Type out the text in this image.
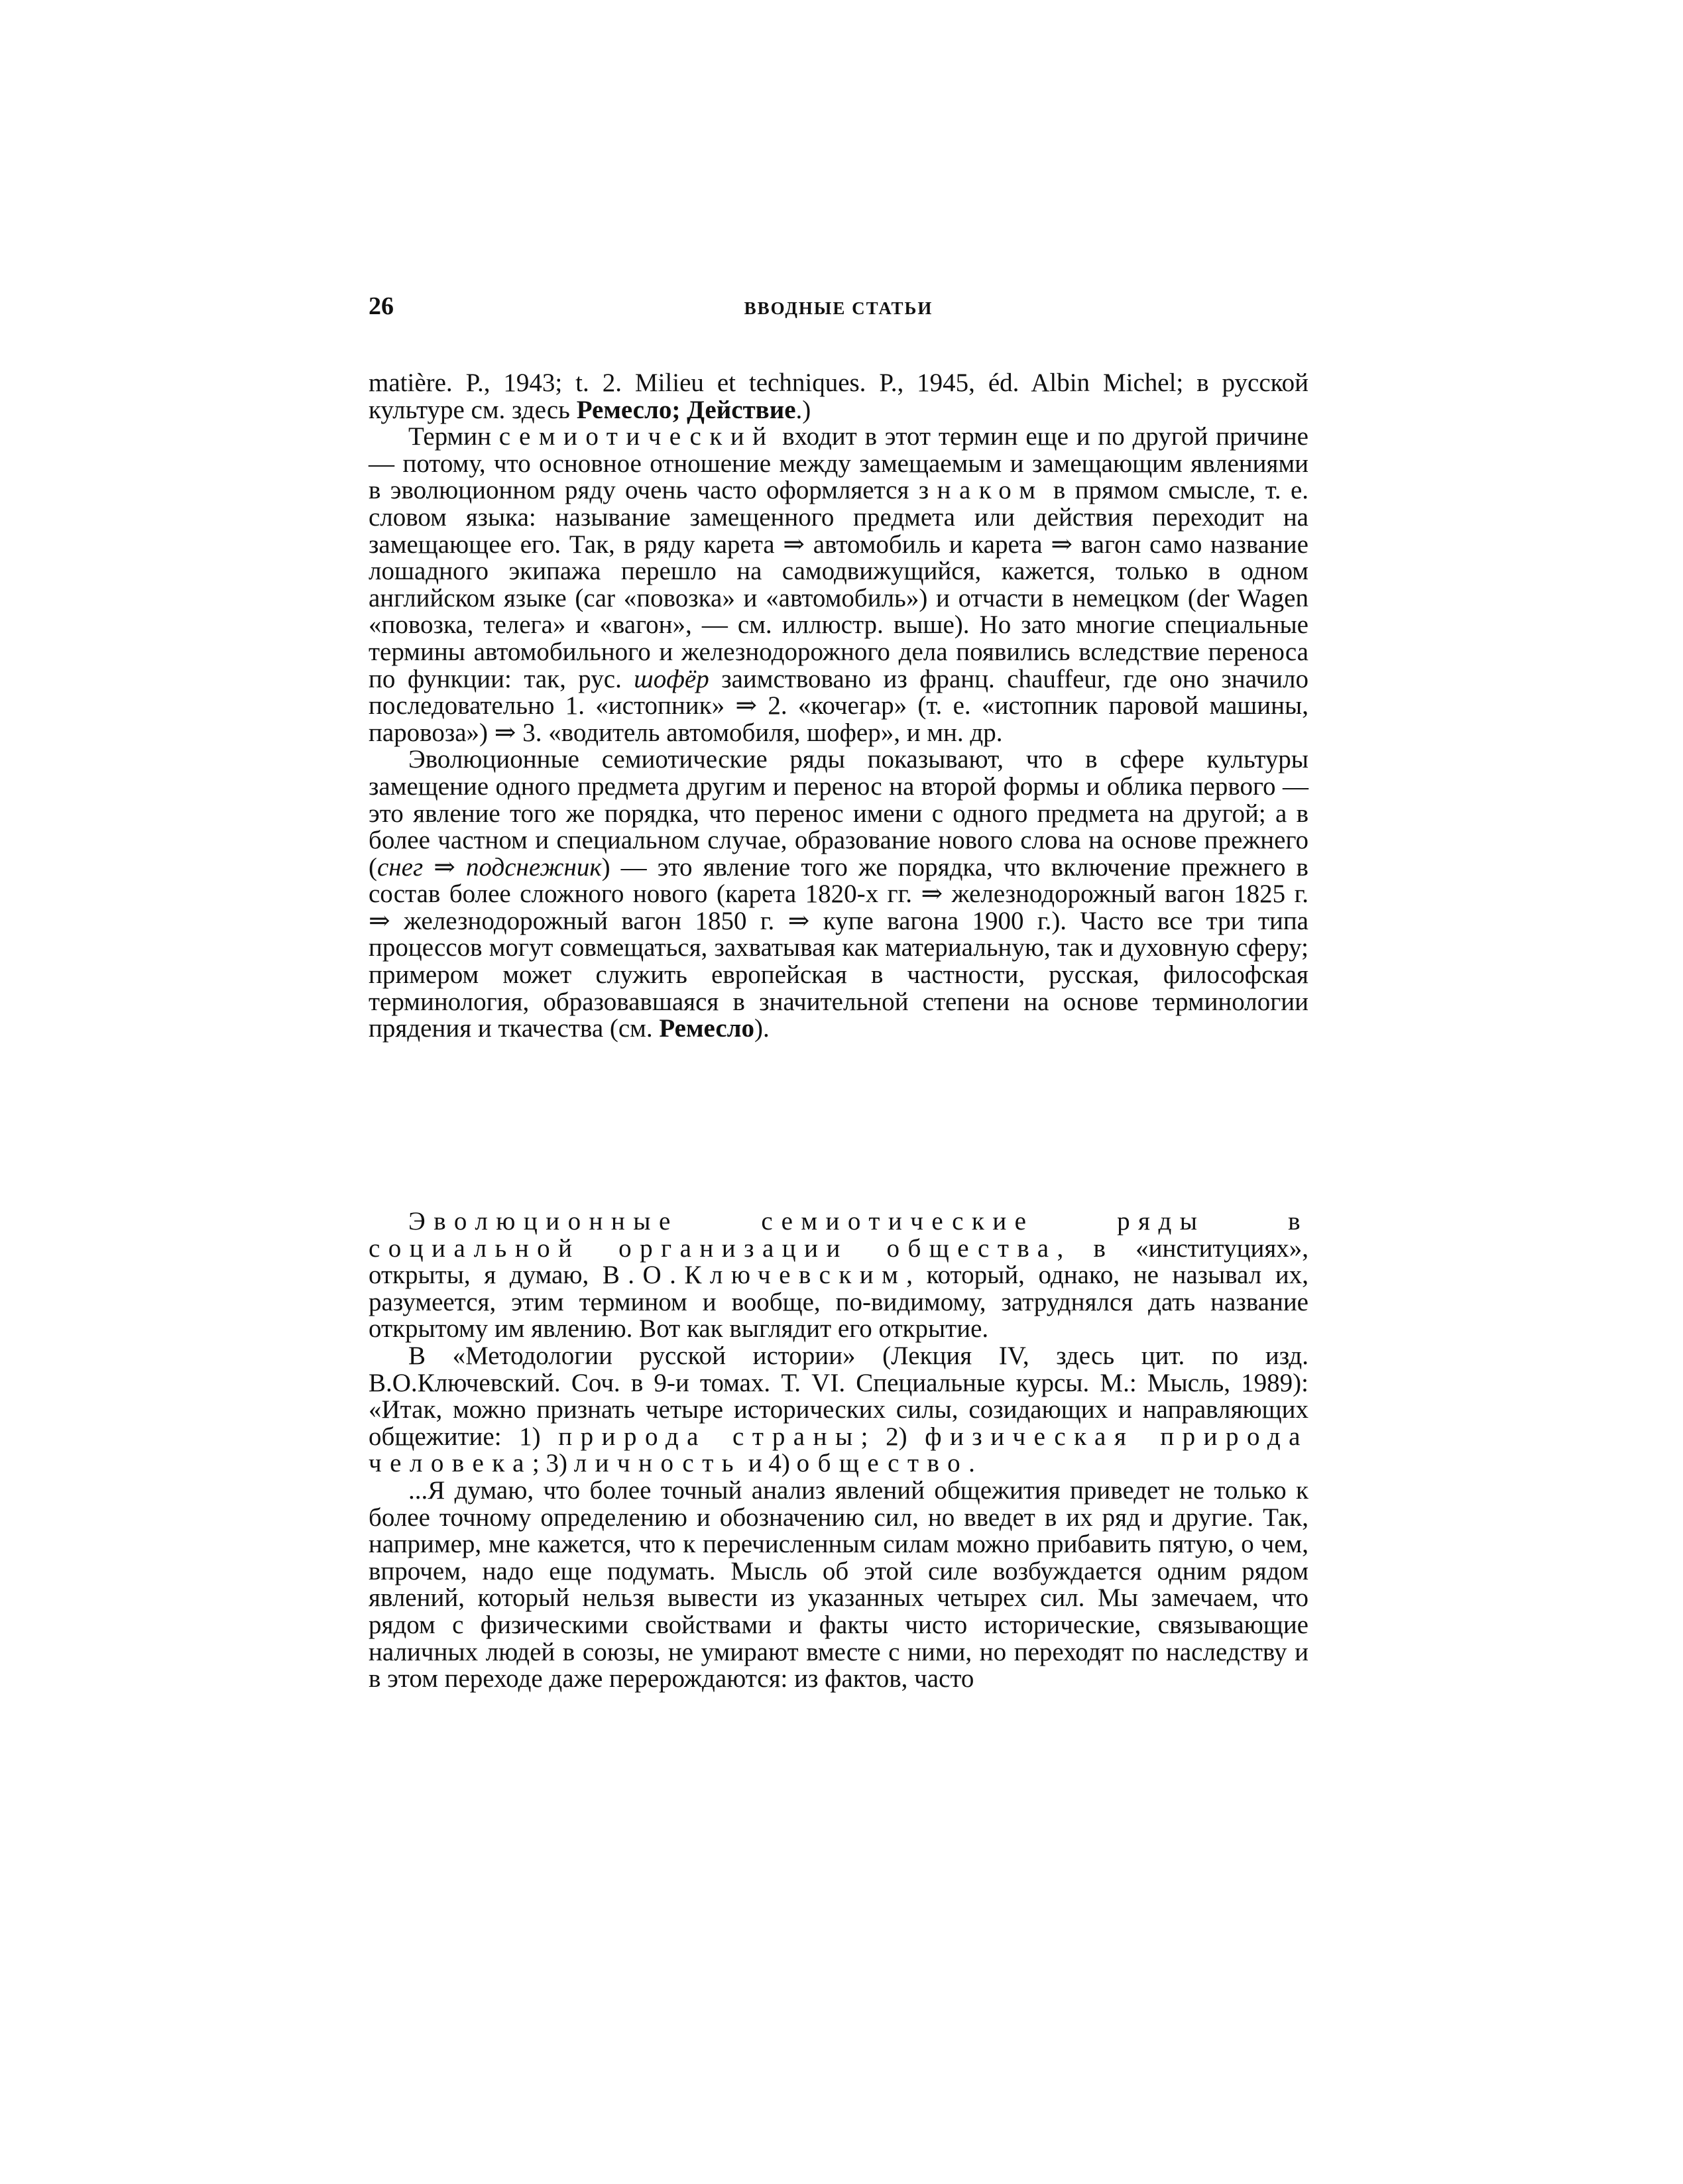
26	ВВОДНЫЕ СТАТЬИ

matière. P., 1943; t. 2. Milieu et techniques. P., 1945, éd. Albin Michel; в русской культуре см. здесь Ремесло; Действие.)

Термин семиотический входит в этот термин еще и по другой причине — потому, что основное отношение между замещаемым и замещающим явлениями в эволюционном ряду очень часто оформляется знаком в прямом смысле, т. е. словом языка: называние замещенного предмета или действия переходит на замещающее его. Так, в ряду карета ⇒ автомобиль и карета ⇒ вагон само название лошадного экипажа перешло на самодвижущийся, кажется, только в одном английском языке (car «повозка» и «автомобиль») и отчасти в немецком (der Wagen «повозка, телега» и «вагон», — см. иллюстр. выше). Но зато многие специальные термины автомобильного и железнодорожного дела появились вследствие переноса по функции: так, рус. шофёр заимствовано из франц. chauffeur, где оно значило последовательно 1. «истопник» ⇒ 2. «кочегар» (т. е. «истопник паровой машины, паровоза») ⇒ 3. «водитель автомобиля, шофер», и мн. др.

Эволюционные семиотические ряды показывают, что в сфере культуры замещение одного предмета другим и перенос на второй формы и облика первого — это явление того же порядка, что перенос имени с одного предмета на другой; а в более частном и специальном случае, образование нового слова на основе прежнего (снег ⇒ подснежник) — это явление того же порядка, что включение прежнего в состав более сложного нового (карета 1820-х гг. ⇒ железнодорожный вагон 1825 г. ⇒ железнодорожный вагон 1850 г. ⇒ купе вагона 1900 г.). Часто все три типа процессов могут совмещаться, захватывая как материальную, так и духовную сферу; примером может служить европейская в частности, русская, философская терминология, образовавшаяся в значительной степени на основе терминологии прядения и ткачества (см. Ремесло).

Эволюционные семиотические ряды в социальной организации общества, в «институциях», открыты, я думаю, В.О.Ключевским, который, однако, не называл их, разумеется, этим термином и вообще, по-видимому, затруднялся дать название открытому им явлению. Вот как выглядит его открытие.

В «Методологии русской истории» (Лекция IV, здесь цит. по изд. В.О.Ключевский. Соч. в 9-и томах. Т. VI. Специальные курсы. М.: Мысль, 1989): «Итак, можно признать четыре исторических силы, созидающих и направляющих общежитие: 1) природа страны; 2) физическая природа человека; 3) личность и 4) общество.

...Я думаю, что более точный анализ явлений общежития приведет не только к более точному определению и обозначению сил, но введет в их ряд и другие. Так, например, мне кажется, что к перечисленным силам можно прибавить пятую, о чем, впрочем, надо еще подумать. Мысль об этой силе возбуждается одним рядом явлений, который нельзя вывести из указанных четырех сил. Мы замечаем, что рядом с физическими свойствами и факты чисто исторические, связывающие наличных людей в союзы, не умирают вместе с ними, но переходят по наследству и в этом переходе даже перерождаются: из фактов, часто
